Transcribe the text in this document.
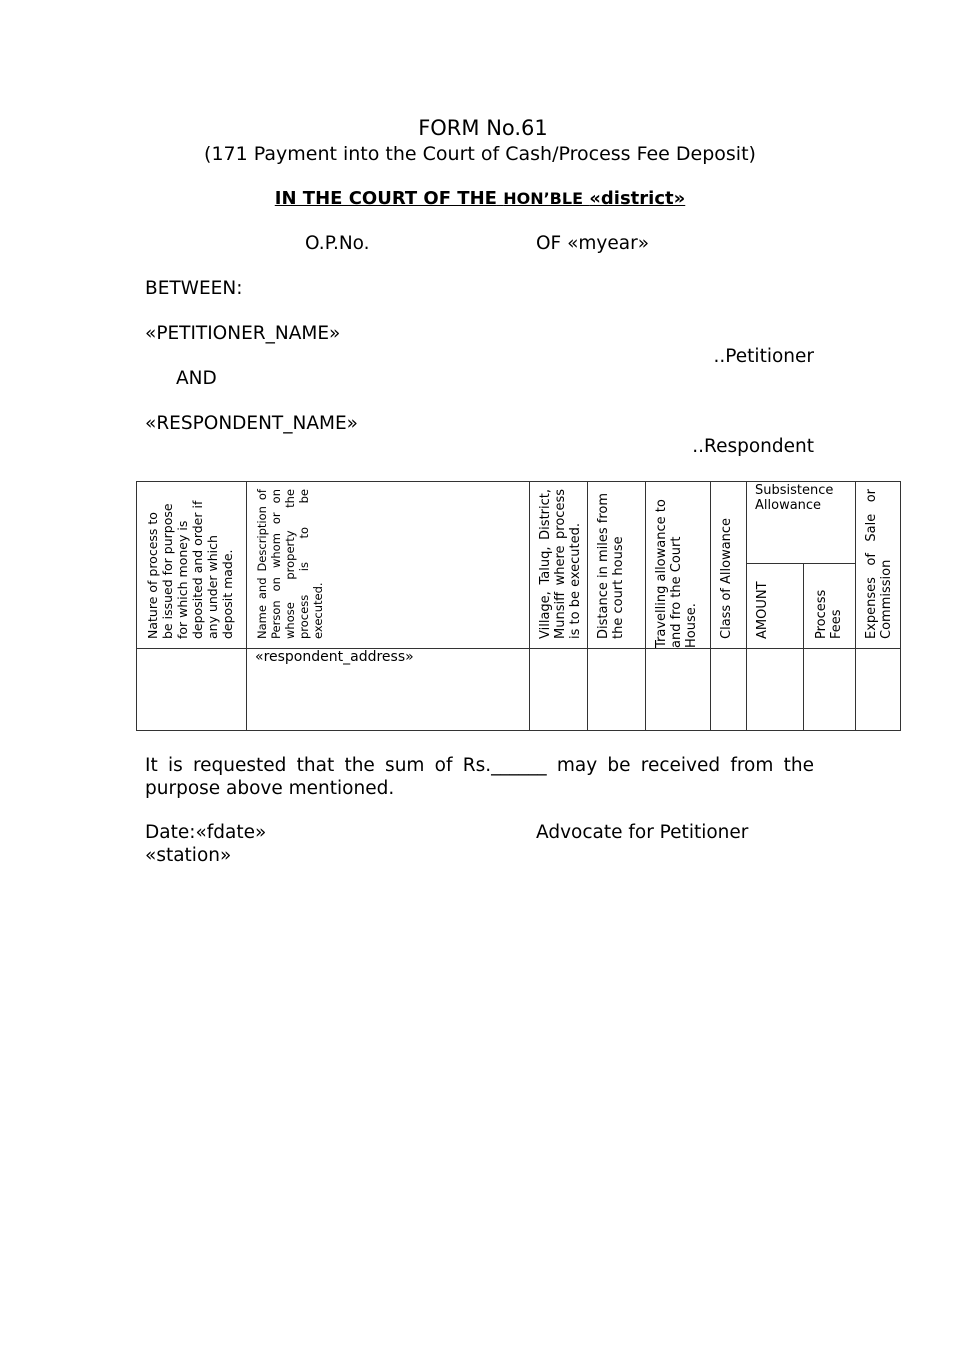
FORM No.61
(171 Payment into the Court of Cash/Process Fee Deposit)
IN THE COURT OF THE HON’BLE «district»
O.P.No.	OF «myear»
BETWEEN:
«PETITIONER_NAME»
..Petitioner
AND
«RESPONDENT_NAME»
..Respondent
Nature of process to be issued for purpose for which money is deposited and order if any under which deposit made.	Name and Description of Person on whom or on whose property the process is to be executed.	Village, Taluq, District, Munsiff where process is to be executed.	Distance in miles from the court house	Travelling allowance to and fro the Court House.	Class of Allowance	Subsistence Allowance		Expenses of Sale or Commission

						AMOUNT	Process Fees	

	«respondent_address»							

It is requested that the sum of Rs.______ may be received from the
purpose above mentioned.
Date:«fdate»	Advocate for Petitioner
«station»
